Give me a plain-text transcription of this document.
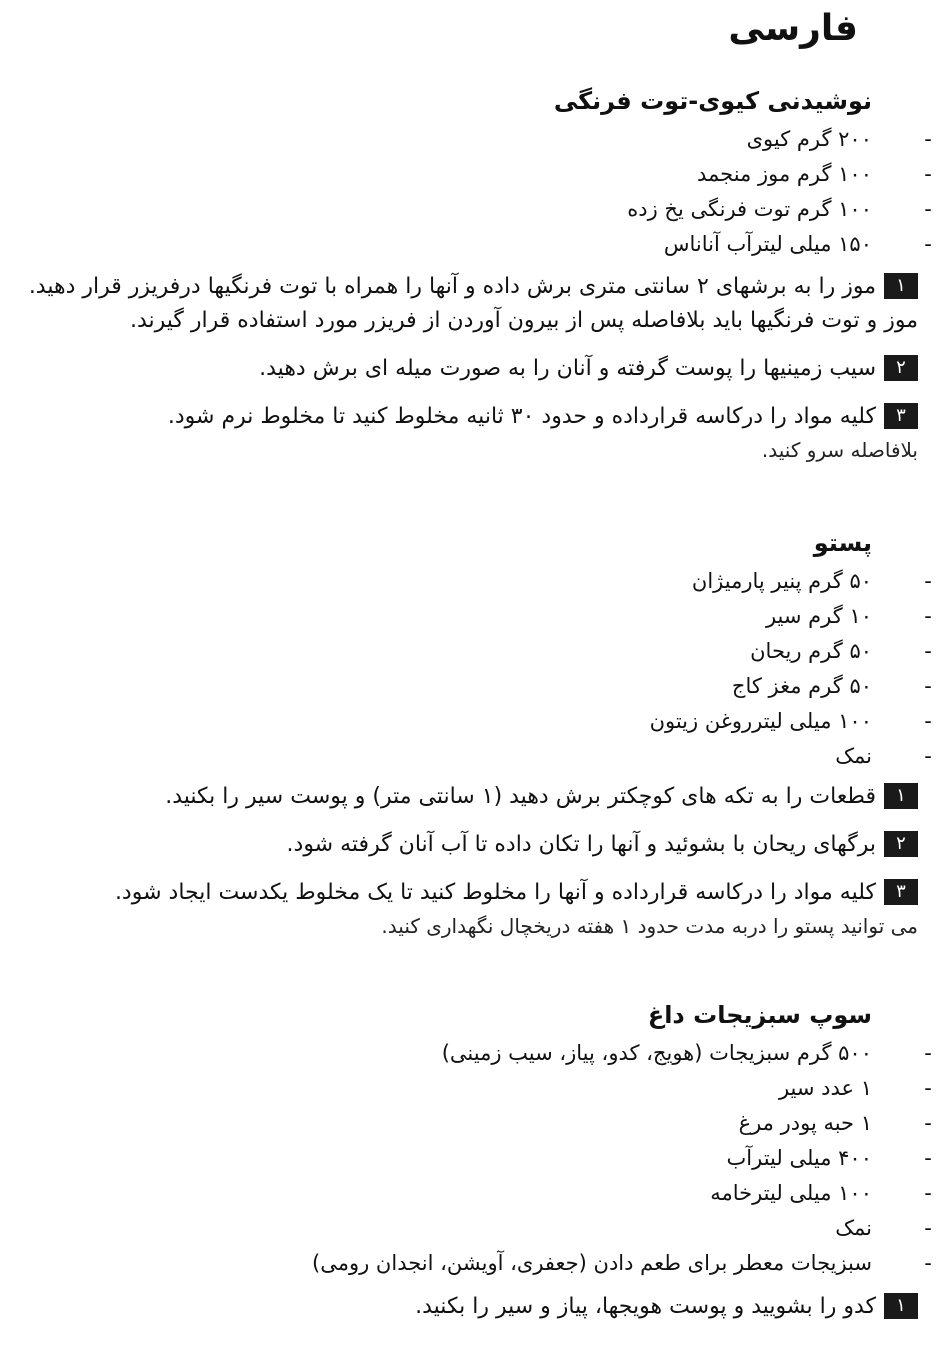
فارسی
نوشیدنی کیوی-توت فرنگی
-
۲۰۰ گرم کیوی
-
۱۰۰ گرم موز منجمد
-
۱۰۰ گرم توت فرنگی یخ زده
-
۱۵۰ میلی لیترآب آناناس

۱موز را به برشهای ۲ سانتی متری برش داده و آنها را همراه با توت فرنگیها درفریزر قرار دهید. موز و توت فرنگیها باید بلافاصله پس از بیرون آوردن از فریزر مورد استفاده قرار گیرند.

۲سیب زمینیها را پوست گرفته و آنان را به صورت میله ای برش دهید.

۳کلیه مواد را درکاسه قرارداده و حدود ۳۰ ثانیه مخلوط کنید تا مخلوط نرم شود.

بلافاصله سرو کنید.

پستو
-
۵۰ گرم پنیر پارمیژان
-
۱۰ گرم سیر
-
۵۰ گرم ریحان
-
۵۰ گرم مغز کاج
-
۱۰۰ میلی لیترروغن زیتون
-
نمک

۱قطعات را به تکه های کوچکتر برش دهید (۱ سانتی متر) و پوست سیر را بکنید.

۲برگهای ریحان با بشوئید و آنها را تکان داده تا آب آنان گرفته شود.

۳کلیه مواد را درکاسه قرارداده و آنها را مخلوط کنید تا یک مخلوط یکدست ایجاد شود.

می توانید پستو را دربه مدت حدود ۱ هفته دریخچال نگهداری کنید.

سوپ سبزیجات داغ
-
۵۰۰ گرم سبزیجات (هویج، کدو، پیاز، سیب زمینی)
-
۱ عدد سیر
-
۱ حبه پودر مرغ
-
۴۰۰ میلی لیترآب
-
۱۰۰ میلی لیترخامه
-
نمک
-
سبزیجات معطر برای طعم دادن (جعفری، آویشن، انجدان رومی)

۱کدو را بشویید و پوست هویجها، پیاز و سیر را بکنید.
